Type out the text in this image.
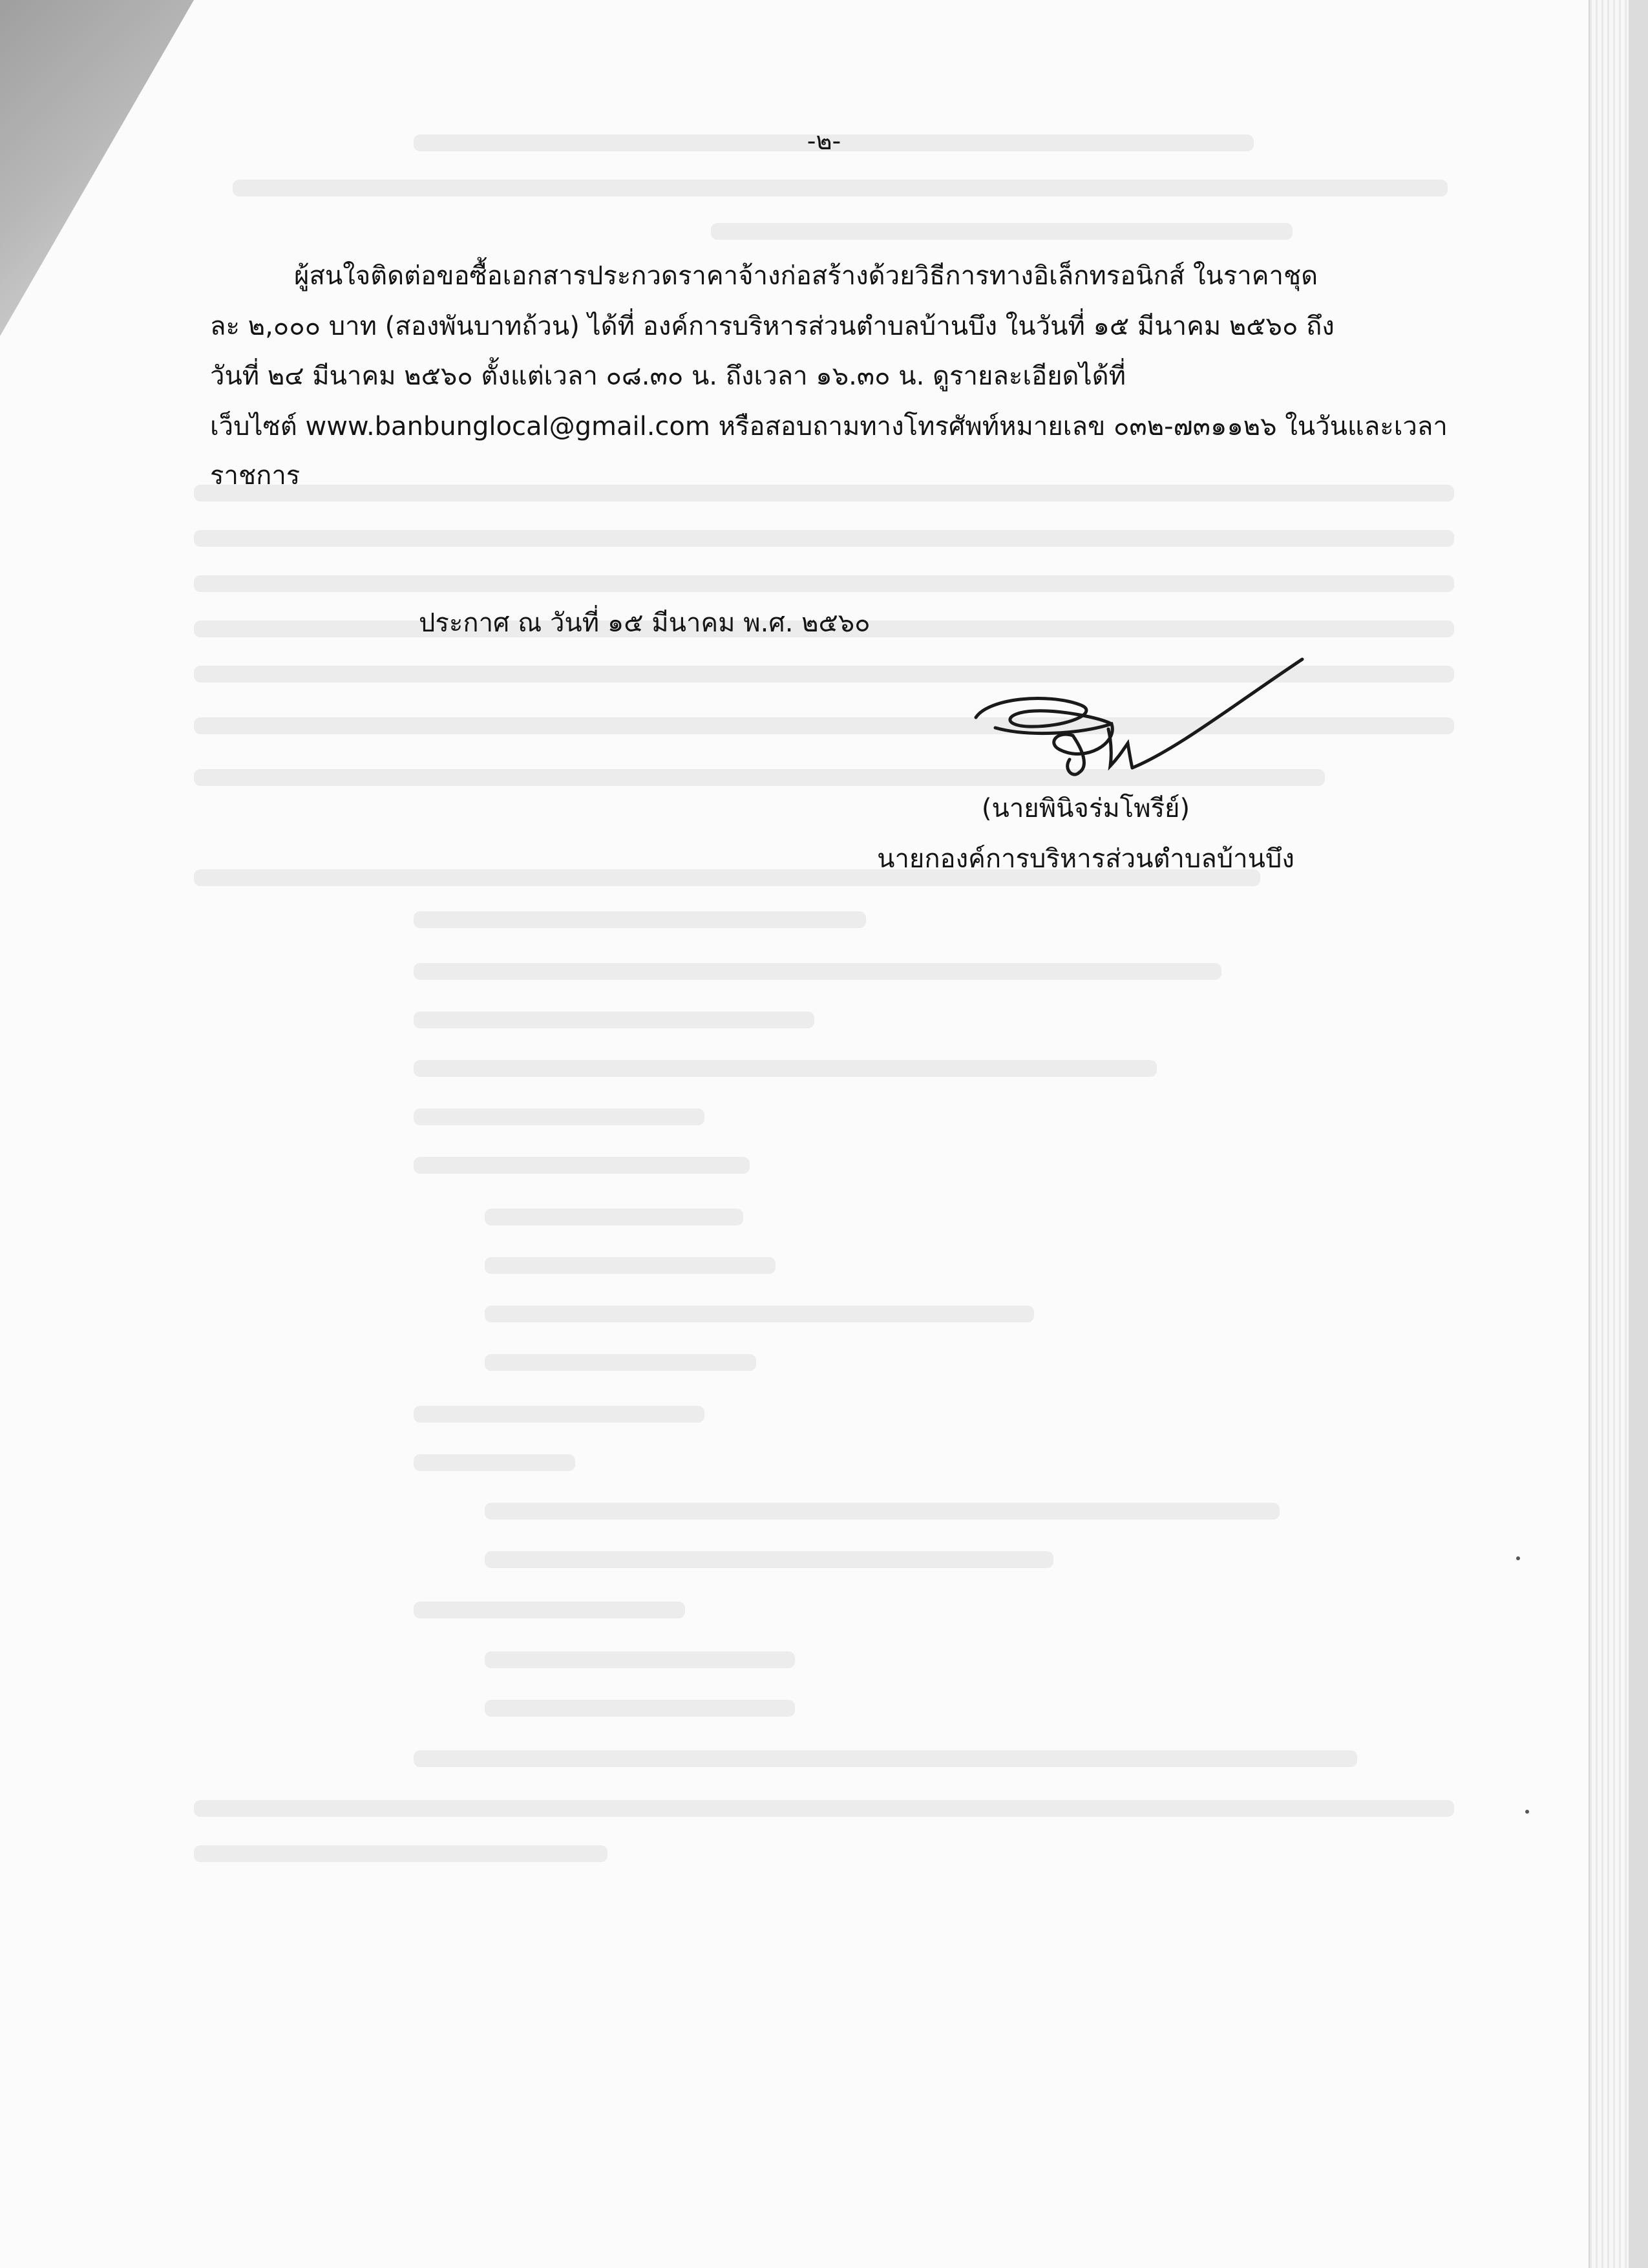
-๒-
ผู้สนใจติดต่อขอซื้อเอกสารประกวดราคาจ้างก่อสร้างด้วยวิธีการทางอิเล็กทรอนิกส์ ในราคาชุด
ละ ๒,๐๐๐ บาท (สองพันบาทถ้วน) ได้ที่ องค์การบริหารส่วนตำบลบ้านบึง ในวันที่ ๑๕ มีนาคม ๒๕๖๐ ถึง
วันที่ ๒๔ มีนาคม ๒๕๖๐ ตั้งแต่เวลา ๐๘.๓๐ น. ถึงเวลา ๑๖.๓๐ น. ดูรายละเอียดได้ที่
เว็บไซต์ www.banbunglocal@gmail.com หรือสอบถามทางโทรศัพท์หมายเลข ๐๓๒-๗๓๑๑๒๖ ในวันและเวลา
ราชการ
ประกาศ ณ วันที่ ๑๕ มีนาคม พ.ศ. ๒๕๖๐
(นายพินิจร่มโพรีย์)
นายกองค์การบริหารส่วนตำบลบ้านบึง
